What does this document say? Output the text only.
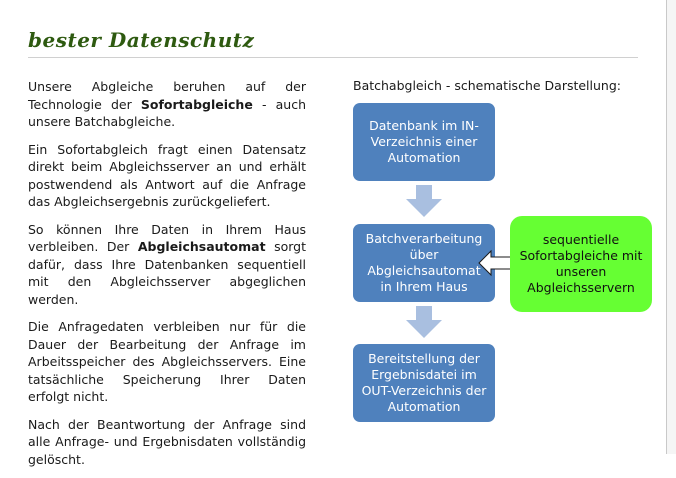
bester Datenschutz

Unsere Abgleiche beruhen auf der Technologie der Sofortabgleiche - auch unsere Batchabgleiche.

Ein Sofortabgleich fragt einen Datensatz direkt beim Abgleichsserver an und erhält postwendend als Antwort auf die Anfrage das Abgleichsergebnis zurückgeliefert.

So können Ihre Daten in Ihrem Haus verbleiben. Der Abgleichsautomat sorgt dafür, dass Ihre Datenbanken sequentiell mit den Abgleichsserver abgeglichen werden.

Die Anfragedaten verbleiben nur für die Dauer der Bearbeitung der Anfrage im Arbeitsspeicher des Abgleichsservers. Eine tatsächliche Speicherung Ihrer Daten erfolgt nicht.

Nach der Beantwortung der Anfrage sind alle Anfrage- und Ergebnisdaten vollständig gelöscht.

Batchabgleich - schematische Darstellung:
Datenbank im IN-Verzeichnis einer Automation
Batchverarbeitung über Abgleichsautomat in Ihrem Haus
sequentielle Sofortabgleiche mit unseren Abgleichsservern
Bereitstellung der Ergebnisdatei im OUT-Verzeichnis der Automation
